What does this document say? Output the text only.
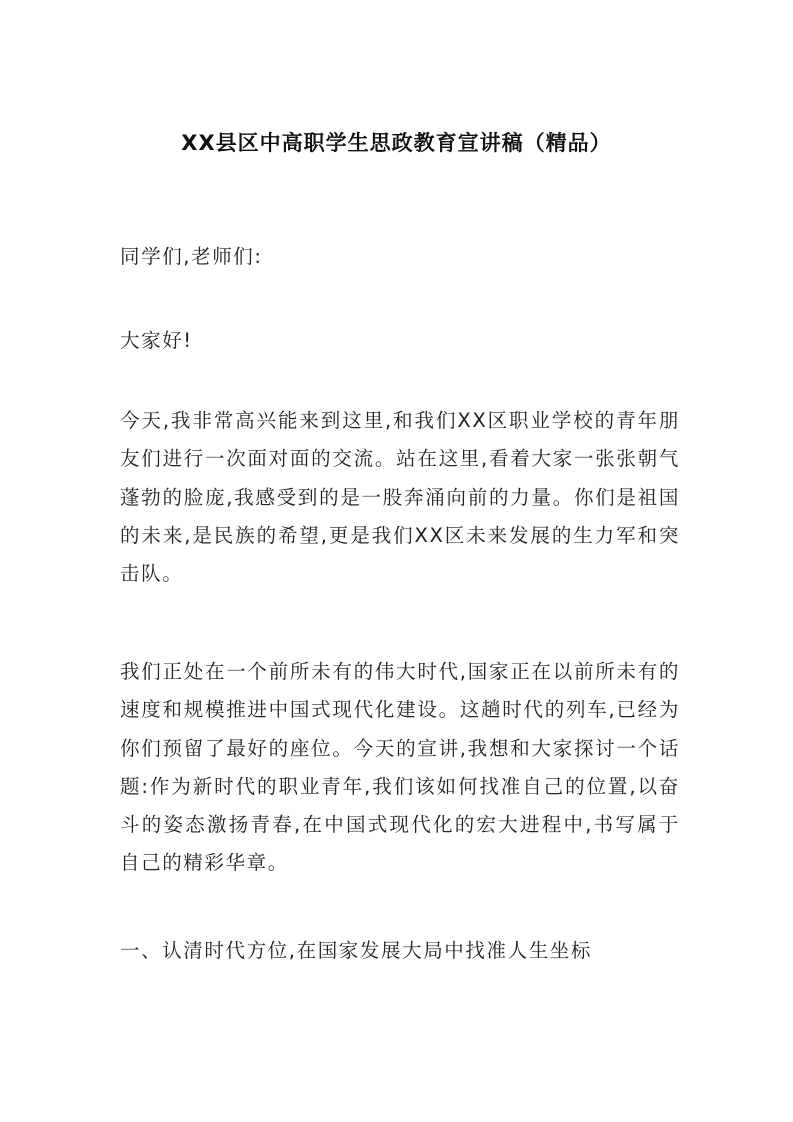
XX县区中高职学生思政教育宣讲稿（精品）

同学们,老师们:

大家好!

今天,我非常高兴能来到这里,和我们XX区职业学校的青年朋友们进行一次面对面的交流。站在这里,看着大家一张张朝气蓬勃的脸庞,我感受到的是一股奔涌向前的力量。你们是祖国的未来,是民族的希望,更是我们XX区未来发展的生力军和突击队。

我们正处在一个前所未有的伟大时代,国家正在以前所未有的速度和规模推进中国式现代化建设。这趟时代的列车,已经为你们预留了最好的座位。今天的宣讲,我想和大家探讨一个话题:作为新时代的职业青年,我们该如何找准自己的位置,以奋斗的姿态激扬青春,在中国式现代化的宏大进程中,书写属于自己的精彩华章。

一、认清时代方位,在国家发展大局中找准人生坐标
